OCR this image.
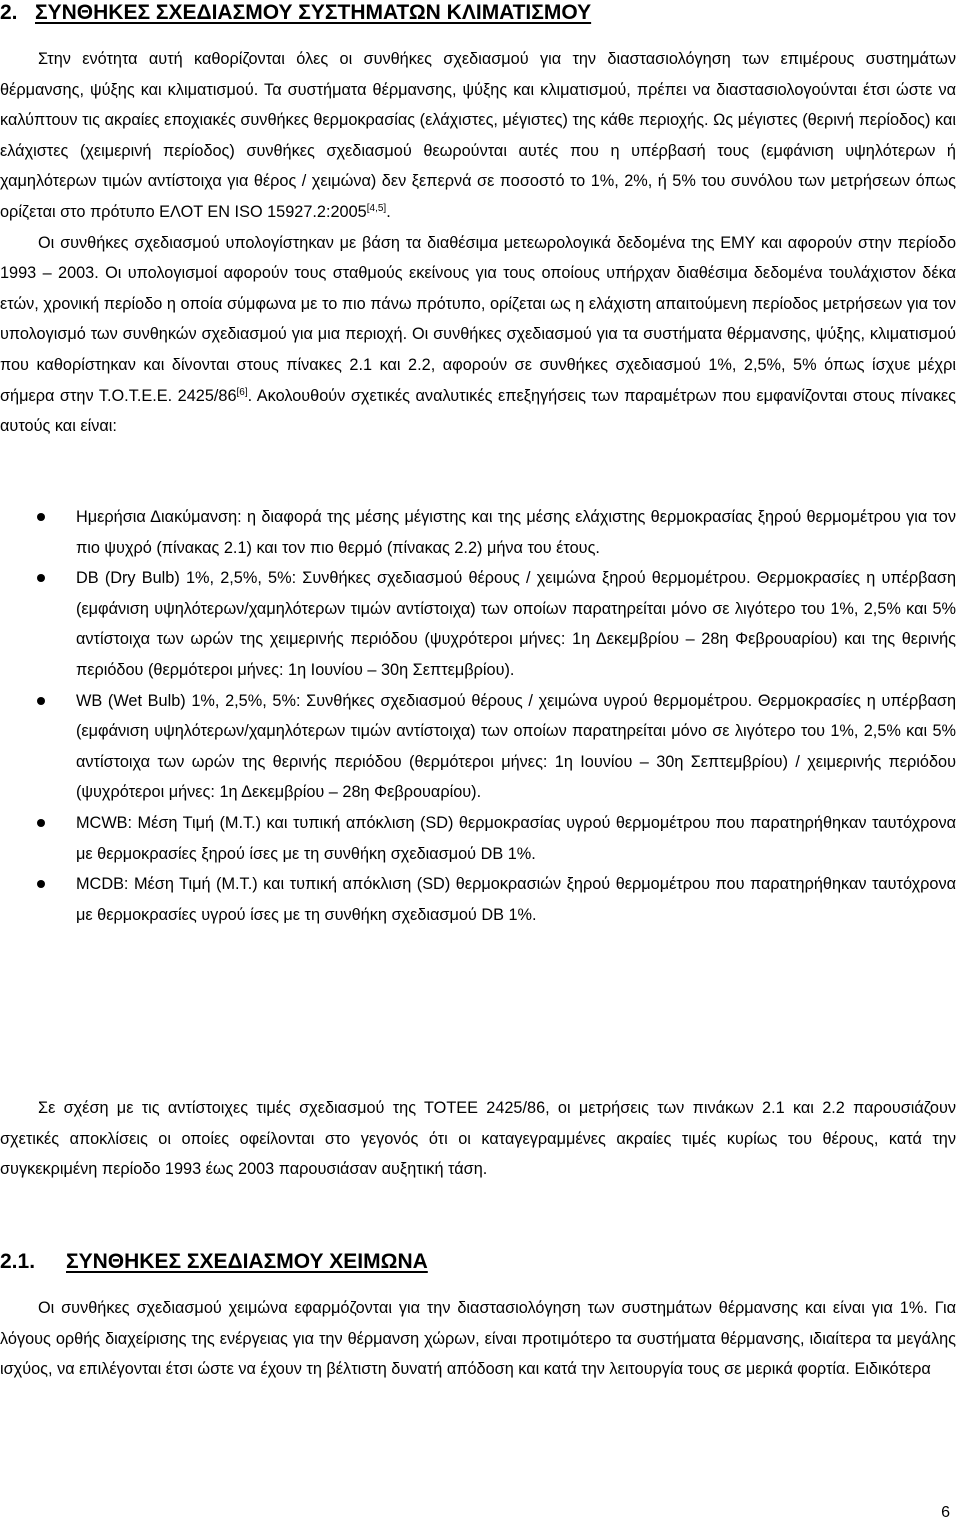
2. ΣΥΝΘΗΚΕΣ ΣΧΕΔΙΑΣΜΟΥ ΣΥΣΤΗΜΑΤΩΝ ΚΛΙΜΑΤΙΣΜΟΥ
Στην ενότητα αυτή καθορίζονται όλες οι συνθήκες σχεδιασμού για την διαστασιολόγηση των επιμέρους συστημάτων θέρμανσης, ψύξης και κλιματισμού. Τα συστήματα θέρμανσης, ψύξης και κλιματισμού, πρέπει να διαστασιολογούνται έτσι ώστε να καλύπτουν τις ακραίες εποχιακές συνθήκες θερμοκρασίας (ελάχιστες, μέγιστες) της κάθε περιοχής. Ως μέγιστες (θερινή περίοδος) και ελάχιστες (χειμερινή περίοδος) συνθήκες σχεδιασμού θεωρούνται αυτές που η υπέρβασή τους (εμφάνιση υψηλότερων ή χαμηλότερων τιμών αντίστοιχα για θέρος / χειμώνα) δεν ξεπερνά σε ποσοστό το 1%, 2%, ή 5% του συνόλου των μετρήσεων όπως ορίζεται στο πρότυπο ΕΛΟΤ EN ISO 15927.2:2005[4,5].
Οι συνθήκες σχεδιασμού υπολογίστηκαν με βάση τα διαθέσιμα μετεωρολογικά δεδομένα της ΕΜΥ και αφορούν στην περίοδο 1993 – 2003. Οι υπολογισμοί αφορούν τους σταθμούς εκείνους για τους οποίους υπήρχαν διαθέσιμα δεδομένα τουλάχιστον δέκα ετών, χρονική περίοδο η οποία σύμφωνα με το πιο πάνω πρότυπο, ορίζεται ως η ελάχιστη απαιτούμενη περίοδος μετρήσεων για τον υπολογισμό των συνθηκών σχεδιασμού για μια περιοχή. Οι συνθήκες σχεδιασμού για τα συστήματα θέρμανσης, ψύξης, κλιματισμού που καθορίστηκαν και δίνονται στους πίνακες 2.1 και 2.2, αφορούν σε συνθήκες σχεδιασμού 1%, 2,5%, 5% όπως ίσχυε μέχρι σήμερα στην Τ.Ο.Τ.Ε.Ε. 2425/86[6]. Ακολουθούν σχετικές αναλυτικές επεξηγήσεις των παραμέτρων που εμφανίζονται στους πίνακες αυτούς και είναι:
Ημερήσια Διακύμανση: η διαφορά της μέσης μέγιστης και της μέσης ελάχιστης θερμοκρασίας ξηρού θερμομέτρου για τον πιο ψυχρό (πίνακας 2.1) και τον πιο θερμό (πίνακας 2.2) μήνα του έτους.
DB (Dry Bulb) 1%, 2,5%, 5%: Συνθήκες σχεδιασμού θέρους / χειμώνα ξηρού θερμομέτρου. Θερμοκρασίες η υπέρβαση (εμφάνιση υψηλότερων/χαμηλότερων τιμών αντίστοιχα) των οποίων παρατηρείται μόνο σε λιγότερο του 1%, 2,5% και 5% αντίστοιχα των ωρών της χειμερινής περιόδου (ψυχρότεροι μήνες: 1η Δεκεμβρίου – 28η Φεβρουαρίου) και της θερινής περιόδου (θερμότεροι μήνες: 1η Ιουνίου – 30η Σεπτεμβρίου).
WB (Wet Bulb) 1%, 2,5%, 5%: Συνθήκες σχεδιασμού θέρους / χειμώνα υγρού θερμομέτρου. Θερμοκρασίες η υπέρβαση (εμφάνιση υψηλότερων/χαμηλότερων τιμών αντίστοιχα) των οποίων παρατηρείται μόνο σε λιγότερο του 1%, 2,5% και 5% αντίστοιχα των ωρών της θερινής περιόδου (θερμότεροι μήνες: 1η Ιουνίου – 30η Σεπτεμβρίου) / χειμερινής περιόδου (ψυχρότεροι μήνες: 1η Δεκεμβρίου – 28η Φεβρουαρίου).
MCWB: Μέση Τιμή (Μ.Τ.) και τυπική απόκλιση (SD) θερμοκρασίας υγρού θερμομέτρου που παρατηρήθηκαν ταυτόχρονα με θερμοκρασίες ξηρού ίσες με τη συνθήκη σχεδιασμού DB 1%.
MCDB: Μέση Τιμή (Μ.Τ.) και τυπική απόκλιση (SD) θερμοκρασιών ξηρού θερμομέτρου που παρατηρήθηκαν ταυτόχρονα με θερμοκρασίες υγρού ίσες με τη συνθήκη σχεδιασμού DB 1%.
Σε σχέση με τις αντίστοιχες τιμές σχεδιασμού της ΤΟΤΕΕ 2425/86, οι μετρήσεις των πινάκων 2.1 και 2.2 παρουσιάζουν σχετικές αποκλίσεις οι οποίες οφείλονται στο γεγονός ότι οι καταγεγραμμένες ακραίες τιμές κυρίως του θέρους, κατά την συγκεκριμένη περίοδο 1993 έως 2003 παρουσιάσαν αυξητική τάση.
2.1. ΣΥΝΘΗΚΕΣ ΣΧΕΔΙΑΣΜΟΥ ΧΕΙΜΩΝΑ
Οι συνθήκες σχεδιασμού χειμώνα εφαρμόζονται για την διαστασιολόγηση των συστημάτων θέρμανσης και είναι για 1%. Για λόγους ορθής διαχείρισης της ενέργειας για την θέρμανση χώρων, είναι προτιμότερο τα συστήματα θέρμανσης, ιδιαίτερα τα μεγάλης ισχύος, να επιλέγονται έτσι ώστε να έχουν τη βέλτιστη δυνατή απόδοση και κατά την λειτουργία τους σε μερικά φορτία. Ειδικότερα
6
